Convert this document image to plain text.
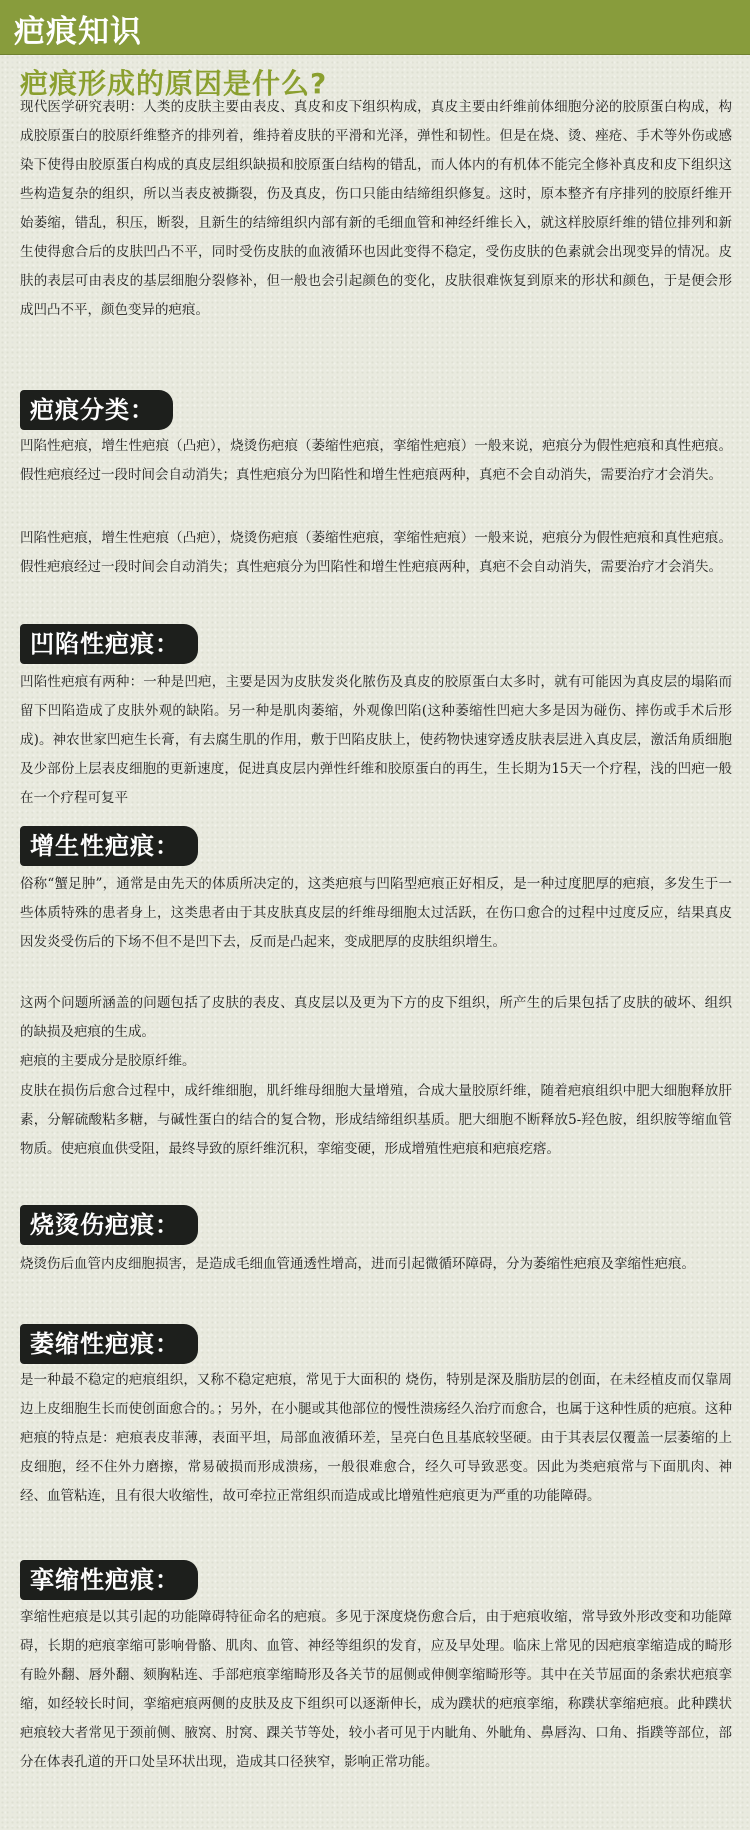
疤痕知识
疤痕形成的原因是什么?

现代医学研究表明：人类的皮肤主要由表皮、真皮和皮下组织构成，真皮主要由纤维前体细胞分泌的胶原蛋白构成，构成胶原蛋白的胶原纤维整齐的排列着，维持着皮肤的平滑和光泽，弹性和韧性。但是在烧、烫、痤疮、手术等外伤或感染下使得由胶原蛋白构成的真皮层组织缺损和胶原蛋白结构的错乱，而人体内的有机体不能完全修补真皮和皮下组织这些构造复杂的组织，所以当表皮被撕裂，伤及真皮，伤口只能由结缔组织修复。这时，原本整齐有序排列的胶原纤维开始萎缩，错乱，积压，断裂，且新生的结缔组织内部有新的毛细血管和神经纤维长入，就这样胶原纤维的错位排列和新生使得愈合后的皮肤凹凸不平，同时受伤皮肤的血液循环也因此变得不稳定，受伤皮肤的色素就会出现变异的情况。皮肤的表层可由表皮的基层细胞分裂修补，但一般也会引起颜色的变化，皮肤很难恢复到原来的形状和颜色，于是便会形成凹凸不平，颜色变异的疤痕。

疤痕分类：

凹陷性疤痕，增生性疤痕（凸疤），烧烫伤疤痕（萎缩性疤痕，挛缩性疤痕）一般来说，疤痕分为假性疤痕和真性疤痕。假性疤痕经过一段时间会自动消失；真性疤痕分为凹陷性和增生性疤痕两种，真疤不会自动消失，需要治疗才会消失。

凹陷性疤痕，增生性疤痕（凸疤），烧烫伤疤痕（萎缩性疤痕，挛缩性疤痕）一般来说，疤痕分为假性疤痕和真性疤痕。假性疤痕经过一段时间会自动消失；真性疤痕分为凹陷性和增生性疤痕两种，真疤不会自动消失，需要治疗才会消失。

凹陷性疤痕：

凹陷性疤痕有两种：一种是凹疤，主要是因为皮肤发炎化脓伤及真皮的胶原蛋白太多时，就有可能因为真皮层的塌陷而留下凹陷造成了皮肤外观的缺陷。另一种是肌肉萎缩，外观像凹陷(这种萎缩性凹疤大多是因为碰伤、摔伤或手术后形成)。神农世家凹疤生长膏，有去腐生肌的作用，敷于凹陷皮肤上，使药物快速穿透皮肤表层进入真皮层，激活角质细胞及少部份上层表皮细胞的更新速度，促进真皮层内弹性纤维和胶原蛋白的再生，生长期为15天一个疗程，浅的凹疤一般在一个疗程可复平

增生性疤痕：

俗称“蟹足肿”，通常是由先天的体质所决定的，这类疤痕与凹陷型疤痕正好相反，是一种过度肥厚的疤痕，多发生于一些体质特殊的患者身上，这类患者由于其皮肤真皮层的纤维母细胞太过活跃，在伤口愈合的过程中过度反应，结果真皮因发炎受伤后的下场不但不是凹下去，反而是凸起来，变成肥厚的皮肤组织增生。

这两个问题所涵盖的问题包括了皮肤的表皮、真皮层以及更为下方的皮下组织，所产生的后果包括了皮肤的破坏、组织的缺损及疤痕的生成。

疤痕的主要成分是胶原纤维。

皮肤在损伤后愈合过程中，成纤维细胞，肌纤维母细胞大量增殖，合成大量胶原纤维，随着疤痕组织中肥大细胞释放肝素，分解硫酸粘多糖，与碱性蛋白的结合的复合物，形成结缔组织基质。肥大细胞不断释放5-羟色胺，组织胺等缩血管物质。使疤痕血供受阻，最终导致的原纤维沉积，挛缩变硬，形成增殖性疤痕和疤痕疙瘩。

烧烫伤疤痕：

烧烫伤后血管内皮细胞损害，是造成毛细血管通透性增高，进而引起微循环障碍，分为萎缩性疤痕及挛缩性疤痕。

萎缩性疤痕：

是一种最不稳定的疤痕组织，又称不稳定疤痕，常见于大面积的 烧伤，特别是深及脂肪层的创面，在未经植皮而仅靠周边上皮细胞生长而使创面愈合的。；另外，在小腿或其他部位的慢性溃疡经久治疗而愈合，也属于这种性质的疤痕。这种疤痕的特点是：疤痕表皮菲薄，表面平坦，局部血液循环差，呈亮白色且基底较坚硬。由于其表层仅覆盖一层萎缩的上皮细胞，经不住外力磨擦，常易破损而形成溃疡，一般很难愈合，经久可导致恶变。因此为类疤痕常与下面肌肉、神经、血管粘连，且有很大收缩性，故可牵拉正常组织而造成或比增殖性疤痕更为严重的功能障碍。

挛缩性疤痕：

挛缩性疤痕是以其引起的功能障碍特征命名的疤痕。多见于深度烧伤愈合后，由于疤痕收缩，常导致外形改变和功能障碍，长期的疤痕挛缩可影响骨骼、肌肉、血管、神经等组织的发育，应及早处理。临床上常见的因疤痕挛缩造成的畸形有睑外翻、唇外翻、颏胸粘连、手部疤痕挛缩畸形及各关节的屈侧或伸侧挛缩畸形等。其中在关节屈面的条索状疤痕挛缩，如经较长时间，挛缩疤痕两侧的皮肤及皮下组织可以逐渐伸长，成为蹼状的疤痕挛缩，称蹼状挛缩疤痕。此种蹼状疤痕较大者常见于颈前侧、腋窝、肘窝、踝关节等处，较小者可见于内眦角、外眦角、鼻唇沟、口角、指蹼等部位，部分在体表孔道的开口处呈环状出现，造成其口径狭窄，影响正常功能。
